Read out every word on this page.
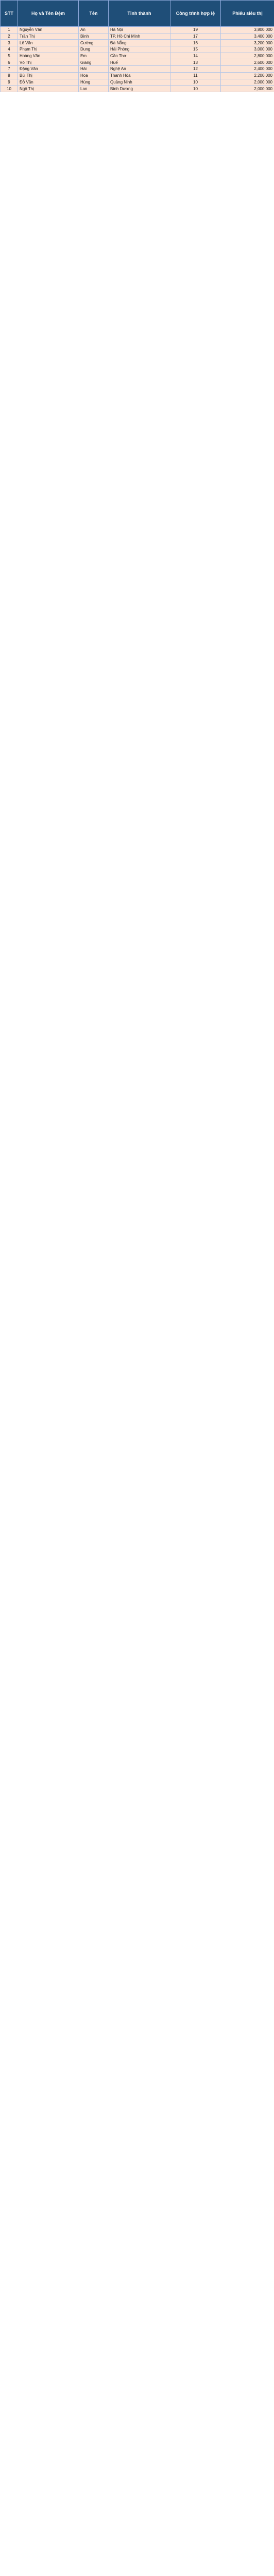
STT	Họ và Tên Đệm	Tên	Tỉnh thành	Công trình hợp lệ	Phiếu siêu thị
1	Nguyễn Văn	An	Hà Nội	19	3,800,000
2	Trần Thị	Bình	TP. Hồ Chí Minh	17	3,400,000
3	Lê Văn	Cường	Đà Nẵng	16	3,200,000
4	Phạm Thị	Dung	Hải Phòng	15	3,000,000
5	Hoàng Văn	Em	Cần Thơ	14	2,800,000
6	Võ Thị	Giang	Huế	13	2,600,000
7	Đặng Văn	Hải	Nghệ An	12	2,400,000
8	Bùi Thị	Hoa	Thanh Hóa	11	2,200,000
9	Đỗ Văn	Hùng	Quảng Ninh	10	2,000,000
10	Ngô Thị	Lan	Bình Dương	10	2,000,000
